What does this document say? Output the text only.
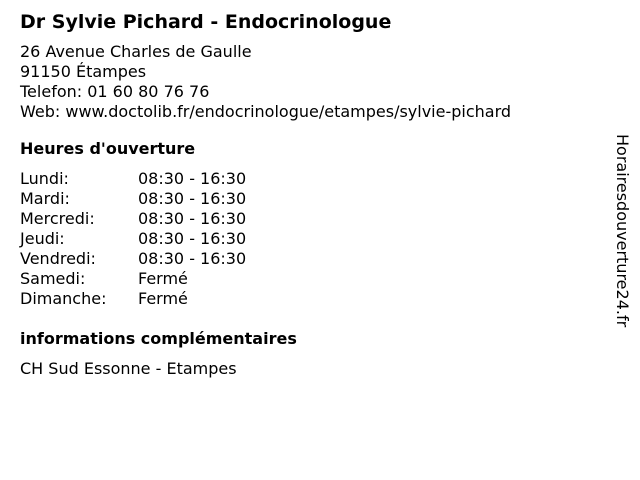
Dr Sylvie Pichard - Endocrinologue
26 Avenue Charles de Gaulle
91150 Étampes
Telefon: 01 60 80 76 76
Web: www.doctolib.fr/endocrinologue/etampes/sylvie-pichard
Heures d'ouverture
Lundi:	08:30 - 16:30
Mardi:	08:30 - 16:30
Mercredi:	08:30 - 16:30
Jeudi:	08:30 - 16:30
Vendredi:	08:30 - 16:30
Samedi:	Fermé
Dimanche:	Fermé
informations complémentaires
CH Sud Essonne - Etampes
Horairesdouverture24.fr
